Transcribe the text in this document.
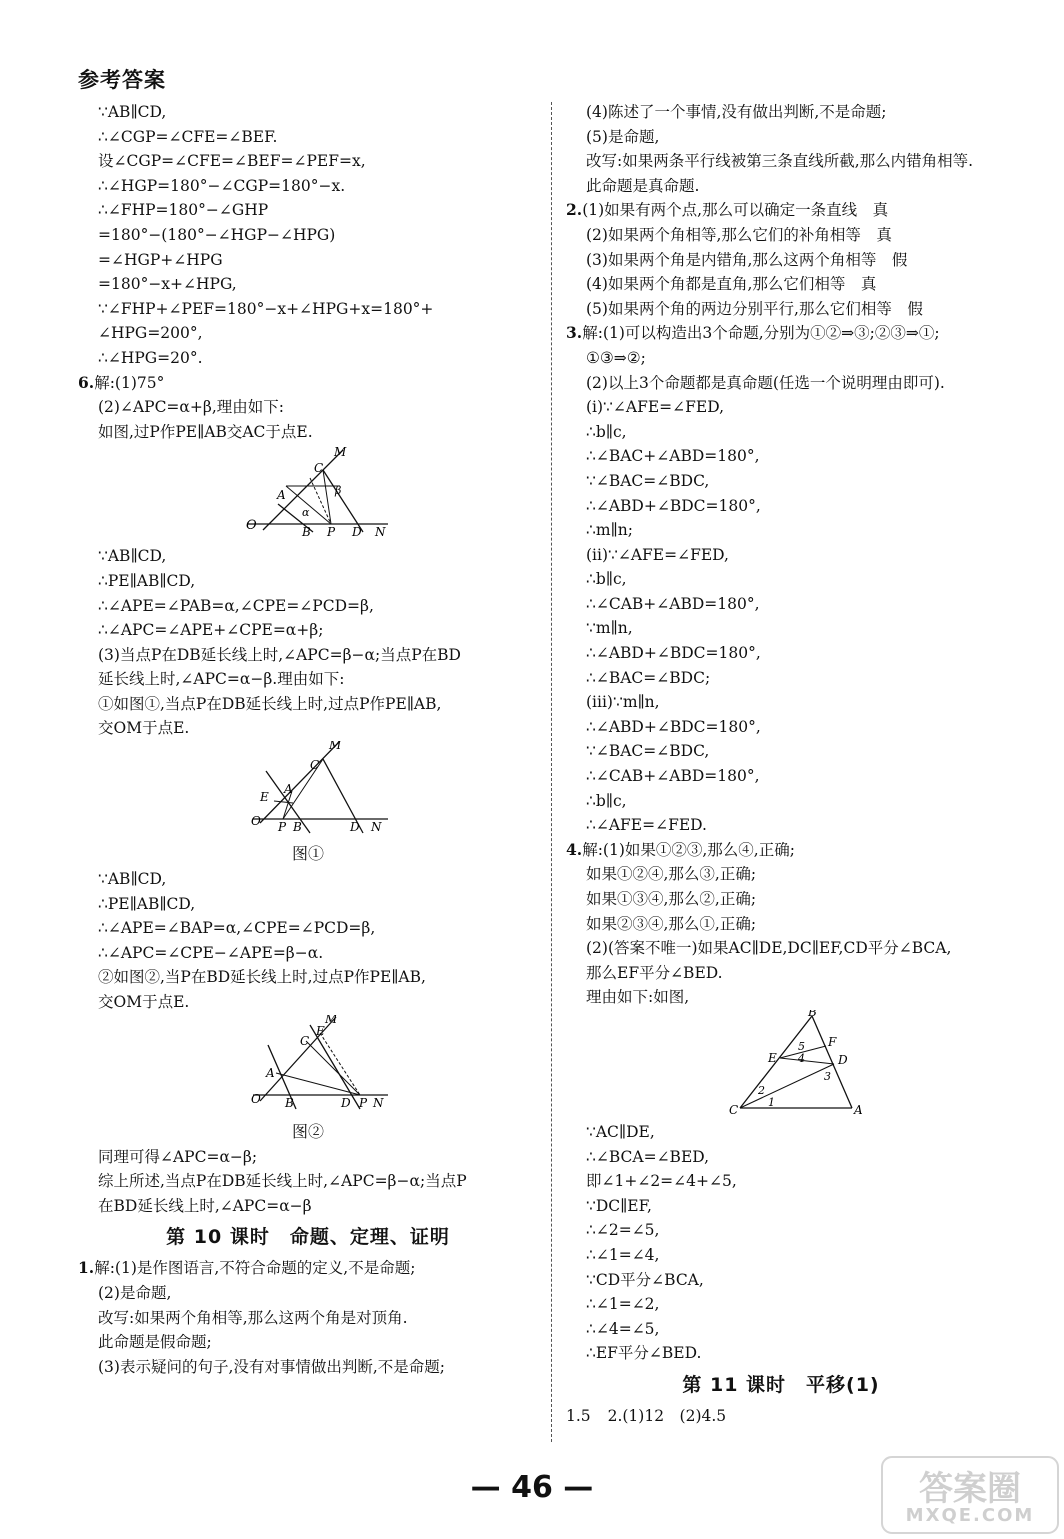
参考答案
∵AB∥CD,
∴∠CGP=∠CFE=∠BEF.
设∠CGP=∠CFE=∠BEF=∠PEF=x,
∴∠HGP=180°−∠CGP=180°−x.
∴∠FHP=180°−∠GHP
=180°−(180°−∠HGP−∠HPG)
=∠HGP+∠HPG
=180°−x+∠HPG,
∵∠FHP+∠PEF=180°−x+∠HPG+x=180°+
∠HPG=200°,
∴∠HPG=20°.
6.解:(1)75°
(2)∠APC=α+β,理由如下:
如图,过P作PE∥AB交AC于点E.
O
A
B P D N
C
M
β
α
∵AB∥CD,
∴PE∥AB∥CD,
∴∠APE=∠PAB=α,∠CPE=∠PCD=β,
∴∠APC=∠APE+∠CPE=α+β;
(3)当点P在DB延长线上时,∠APC=β−α;当点P在BD
延长线上时,∠APC=α−β.理由如下:
①如图①,当点P在DB延长线上时,过点P作PE∥AB,
交OM于点E.
O
E
A
P B	D N
C
M
图①
∵AB∥CD,
∴PE∥AB∥CD,
∴∠APE=∠BAP=α,∠CPE=∠PCD=β,
∴∠APC=∠CPE−∠APE=β−α.
②如图②,当P在BD延长线上时,过点P作PE∥AB,
交OM于点E.
O
A
B	D P N
C
E
M
图②
同理可得∠APC=α−β;
综上所述,当点P在DB延长线上时,∠APC=β−α;当点P
在BD延长线上时,∠APC=α−β
第 10 课时　命题、定理、证明
1.解:(1)是作图语言,不符合命题的定义,不是命题;
(2)是命题,
改写:如果两个角相等,那么这两个角是对顶角.
此命题是假命题;
(3)表示疑问的句子,没有对事情做出判断,不是命题;
(4)陈述了一个事情,没有做出判断,不是命题;
(5)是命题,
改写:如果两条平行线被第三条直线所截,那么内错角相等.
此命题是真命题.
2.(1)如果有两个点,那么可以确定一条直线　真
(2)如果两个角相等,那么它们的补角相等　真
(3)如果两个角是内错角,那么这两个角相等　假
(4)如果两个角都是直角,那么它们相等　真
(5)如果两个角的两边分别平行,那么它们相等　假
3.解:(1)可以构造出3个命题,分别为①②⇒③;②③⇒①;
①③⇒②;
(2)以上3个命题都是真命题(任选一个说明理由即可).
(i)∵∠AFE=∠FED,
∴b∥c,
∴∠BAC+∠ABD=180°,
∵∠BAC=∠BDC,
∴∠ABD+∠BDC=180°,
∴m∥n;
(ii)∵∠AFE=∠FED,
∴b∥c,
∴∠CAB+∠ABD=180°,
∵m∥n,
∴∠ABD+∠BDC=180°,
∴∠BAC=∠BDC;
(iii)∵m∥n,
∴∠ABD+∠BDC=180°,
∵∠BAC=∠BDC,
∴∠CAB+∠ABD=180°,
∴b∥c,
∴∠AFE=∠FED.
4.解:(1)如果①②③,那么④,正确;
如果①②④,那么③,正确;
如果①③④,那么②,正确;
如果②③④,那么①,正确;
(2)(答案不唯一)如果AC∥DE,DC∥EF,CD平分∠BCA,
那么EF平分∠BED.
理由如下:如图,
B
F
E	D
C	A
5
4
3
2
1
∵AC∥DE,
∴∠BCA=∠BED,
即∠1+∠2=∠4+∠5,
∵DC∥EF,
∴∠2=∠5,
∴∠1=∠4,
∵CD平分∠BCA,
∴∠1=∠2,
∴∠4=∠5,
∴EF平分∠BED.
第 11 课时　平移(1)
1.5 2.(1)12　(2)4.5
— 46 —	答案圈
MXQE.COM
